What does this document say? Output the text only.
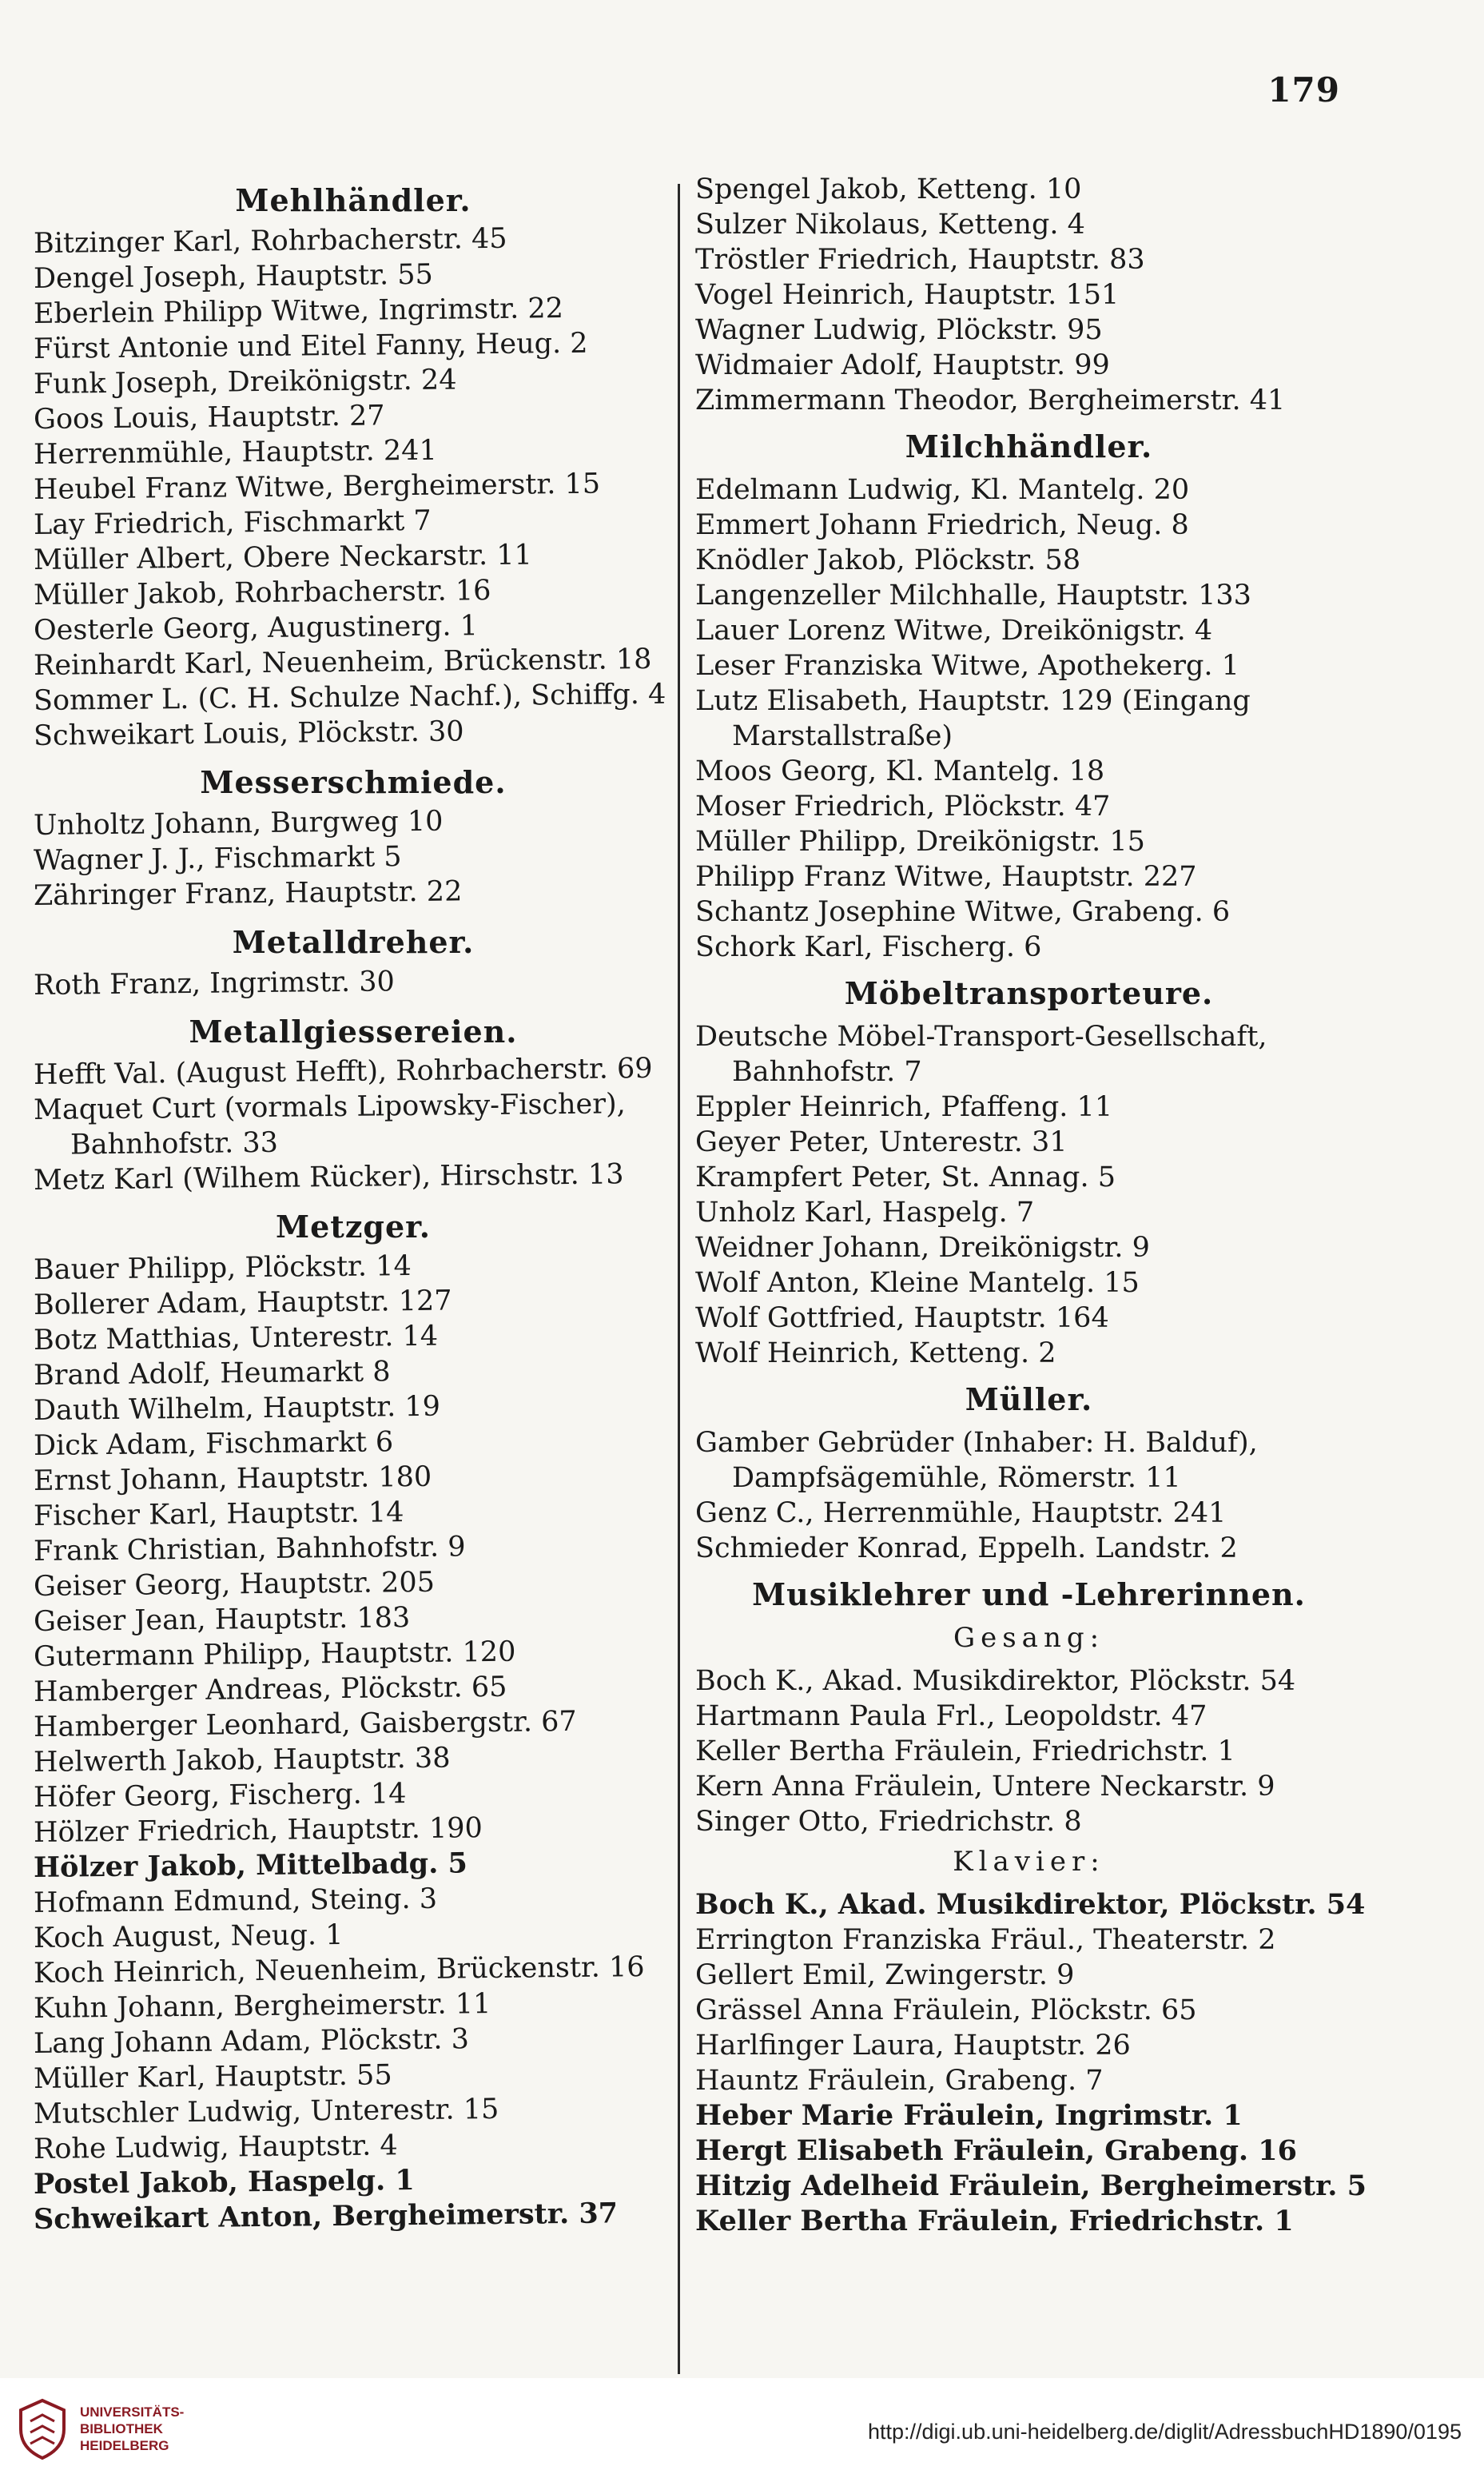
179
Mehlhändler.
Bitzinger Karl, Rohrbacherstr. 45
Dengel Joseph, Hauptstr. 55
Eberlein Philipp Witwe, Ingrimstr. 22
Fürst Antonie und Eitel Fanny, Heug. 2
Funk Joseph, Dreikönigstr. 24
Goos Louis, Hauptstr. 27
Herrenmühle, Hauptstr. 241
Heubel Franz Witwe, Bergheimerstr. 15
Lay Friedrich, Fischmarkt 7
Müller Albert, Obere Neckarstr. 11
Müller Jakob, Rohrbacherstr. 16
Oesterle Georg, Augustinerg. 1
Reinhardt Karl, Neuenheim, Brückenstr. 18
Sommer L. (C. H. Schulze Nachf.), Schiffg. 4
Schweikart Louis, Plöckstr. 30
Messerschmiede.
Unholtz Johann, Burgweg 10
Wagner J. J., Fischmarkt 5
Zähringer Franz, Hauptstr. 22
Metalldreher.
Roth Franz, Ingrimstr. 30
Metallgiessereien.
Hefft Val. (August Hefft), Rohrbacherstr. 69
Maquet Curt (vormals Lipowsky-Fischer),
Bahnhofstr. 33
Metz Karl (Wilhem Rücker), Hirschstr. 13
Metzger.
Bauer Philipp, Plöckstr. 14
Bollerer Adam, Hauptstr. 127
Botz Matthias, Unterestr. 14
Brand Adolf, Heumarkt 8
Dauth Wilhelm, Hauptstr. 19
Dick Adam, Fischmarkt 6
Ernst Johann, Hauptstr. 180
Fischer Karl, Hauptstr. 14
Frank Christian, Bahnhofstr. 9
Geiser Georg, Hauptstr. 205
Geiser Jean, Hauptstr. 183
Gutermann Philipp, Hauptstr. 120
Hamberger Andreas, Plöckstr. 65
Hamberger Leonhard, Gaisbergstr. 67
Helwerth Jakob, Hauptstr. 38
Höfer Georg, Fischerg. 14
Hölzer Friedrich, Hauptstr. 190
Hölzer Jakob, Mittelbadg. 5
Hofmann Edmund, Steing. 3
Koch August, Neug. 1
Koch Heinrich, Neuenheim, Brückenstr. 16
Kuhn Johann, Bergheimerstr. 11
Lang Johann Adam, Plöckstr. 3
Müller Karl, Hauptstr. 55
Mutschler Ludwig, Unterestr. 15
Rohe Ludwig, Hauptstr. 4
Postel Jakob, Haspelg. 1
Schweikart Anton, Bergheimerstr. 37
Spengel Jakob, Ketteng. 10
Sulzer Nikolaus, Ketteng. 4
Tröstler Friedrich, Hauptstr. 83
Vogel Heinrich, Hauptstr. 151
Wagner Ludwig, Plöckstr. 95
Widmaier Adolf, Hauptstr. 99
Zimmermann Theodor, Bergheimerstr. 41
Milchhändler.
Edelmann Ludwig, Kl. Mantelg. 20
Emmert Johann Friedrich, Neug. 8
Knödler Jakob, Plöckstr. 58
Langenzeller Milchhalle, Hauptstr. 133
Lauer Lorenz Witwe, Dreikönigstr. 4
Leser Franziska Witwe, Apothekerg. 1
Lutz Elisabeth, Hauptstr. 129 (Eingang
Marstallstraße)
Moos Georg, Kl. Mantelg. 18
Moser Friedrich, Plöckstr. 47
Müller Philipp, Dreikönigstr. 15
Philipp Franz Witwe, Hauptstr. 227
Schantz Josephine Witwe, Grabeng. 6
Schork Karl, Fischerg. 6
Möbeltransporteure.
Deutsche Möbel-Transport-Gesellschaft,
Bahnhofstr. 7
Eppler Heinrich, Pfaffeng. 11
Geyer Peter, Unterestr. 31
Krampfert Peter, St. Annag. 5
Unholz Karl, Haspelg. 7
Weidner Johann, Dreikönigstr. 9
Wolf Anton, Kleine Mantelg. 15
Wolf Gottfried, Hauptstr. 164
Wolf Heinrich, Ketteng. 2
Müller.
Gamber Gebrüder (Inhaber: H. Balduf),
Dampfsägemühle, Römerstr. 11
Genz C., Herrenmühle, Hauptstr. 241
Schmieder Konrad, Eppelh. Landstr. 2
Musiklehrer und -Lehrerinnen.
Gesang:
Boch K., Akad. Musikdirektor, Plöckstr. 54
Hartmann Paula Frl., Leopoldstr. 47
Keller Bertha Fräulein, Friedrichstr. 1
Kern Anna Fräulein, Untere Neckarstr. 9
Singer Otto, Friedrichstr. 8
Klavier:
Boch K., Akad. Musikdirektor, Plöckstr. 54
Errington Franziska Fräul., Theaterstr. 2
Gellert Emil, Zwingerstr. 9
Grässel Anna Fräulein, Plöckstr. 65
Harlfinger Laura, Hauptstr. 26
Hauntz Fräulein, Grabeng. 7
Heber Marie Fräulein, Ingrimstr. 1
Hergt Elisabeth Fräulein, Grabeng. 16
Hitzig Adelheid Fräulein, Bergheimerstr. 5
Keller Bertha Fräulein, Friedrichstr. 1
UNIVERSITÄTS-
BIBLIOTHEK
HEIDELBERG
http://digi.ub.uni-heidelberg.de/diglit/AdressbuchHD1890/0195
